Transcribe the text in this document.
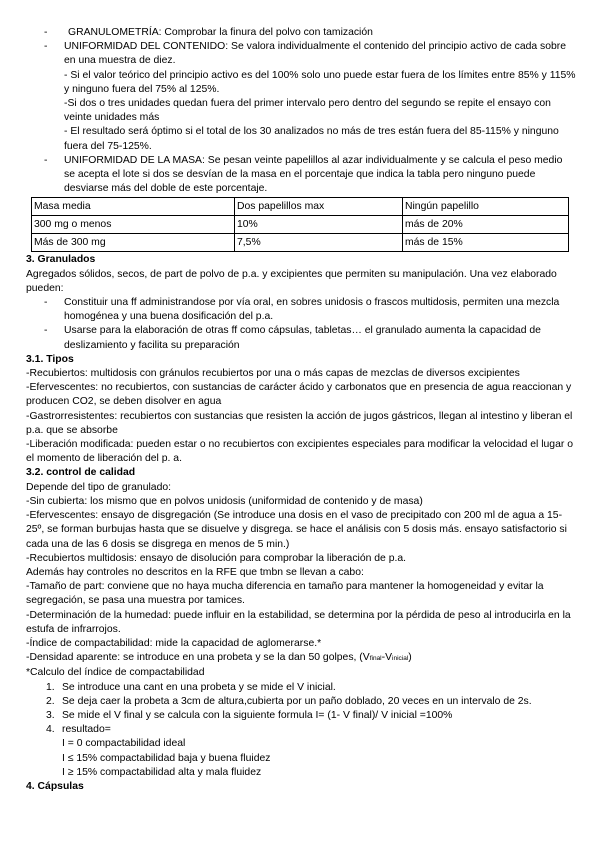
- GRANULOMETRÍA: Comprobar la finura del polvo con tamización
- UNIFORMIDAD DEL CONTENIDO: Se valora individualmente el contenido del principio activo de cada sobre en una muestra de diez.
- Si el valor teórico del principio activo es del 100% solo uno puede estar fuera de los límites entre 85% y 115% y ninguno fuera del 75% al 125%.
-Si dos o tres unidades quedan fuera del primer intervalo pero dentro del segundo se repite el ensayo con veinte unidades más
- El resultado será óptimo si el total de los 30 analizados no más de tres están fuera del 85-115% y ninguno fuera del 75-125%.
- UNIFORMIDAD DE LA MASA: Se pesan veinte papelillos al azar individualmente y se calcula el peso medio se acepta el lote si dos se desvían de la masa en el porcentaje que indica la tabla pero ninguno puede desviarse más del doble de este porcentaje.
Masa media	Dos papelillos max	Ningún papelillo
300 mg o menos	10%	más de 20%
Más de 300 mg	7,5%	más de 15%
3. Granulados
Agregados sólidos, secos, de part de polvo de p.a. y excipientes que permiten su manipulación. Una vez elaborado pueden:
- Constituir una ff administrandose por vía oral, en sobres unidosis o frascos multidosis, permiten una mezcla homogénea y una buena dosificación del p.a.
- Usarse para la elaboración de otras ff como cápsulas, tabletas… el granulado aumenta la capacidad de deslizamiento y facilita su preparación
3.1. Tipos
-Recubiertos: multidosis con gránulos recubiertos por una o más capas de mezclas de diversos excipientes
-Efervescentes: no recubiertos, con sustancias de carácter ácido y carbonatos que en presencia de agua reaccionan y producen CO2, se deben disolver en agua
-Gastrorresistentes: recubiertos con sustancias que resisten la acción de jugos gástricos, llegan al intestino y liberan el p.a. que se absorbe
-Liberación modificada: pueden estar o no recubiertos con excipientes especiales para modificar la velocidad el lugar o el momento de liberación del p. a.
3.2. control de calidad
Depende del tipo de granulado:
-Sin cubierta: los mismo que en polvos unidosis (uniformidad de contenido y de masa)
-Efervescentes: ensayo de disgregación (Se introduce una dosis en el vaso de precipitado con 200 ml de agua a 15-25º, se forman burbujas hasta que se disuelve y disgrega. se hace el análisis con 5 dosis más. ensayo satisfactorio si cada una de las 6 dosis se disgrega en menos de 5 min.)
-Recubiertos multidosis: ensayo de disolución para comprobar la liberación de p.a.
Además hay controles no descritos en la RFE que tmbn se llevan a cabo:
-Tamaño de part: conviene que no haya mucha diferencia en tamaño para mantener la homogeneidad y evitar la segregación, se pasa una muestra por tamices.
-Determinación de la humedad: puede influir en la estabilidad, se determina por la pérdida de peso al introducirla en la estufa de infrarrojos.
-Índice de compactabilidad: mide la capacidad de aglomerarse.*
-Densidad aparente: se introduce en una probeta y se la dan 50 golpes, (Vfinal-Vinicial)
*Calculo del índice de compactabilidad
1. Se introduce una cant en una probeta y se mide el V inicial.
2. Se deja caer la probeta a 3cm de altura,cubierta por un paño doblado, 20 veces en un intervalo de 2s.
3. Se mide el V final y se calcula con la siguiente formula I= (1- V final)/ V inicial =100%
4. resultado=
I = 0 compactabilidad ideal
I ≤ 15% compactabilidad baja y buena fluidez
I ≥ 15% compactabilidad alta y mala fluidez
4. Cápsulas
